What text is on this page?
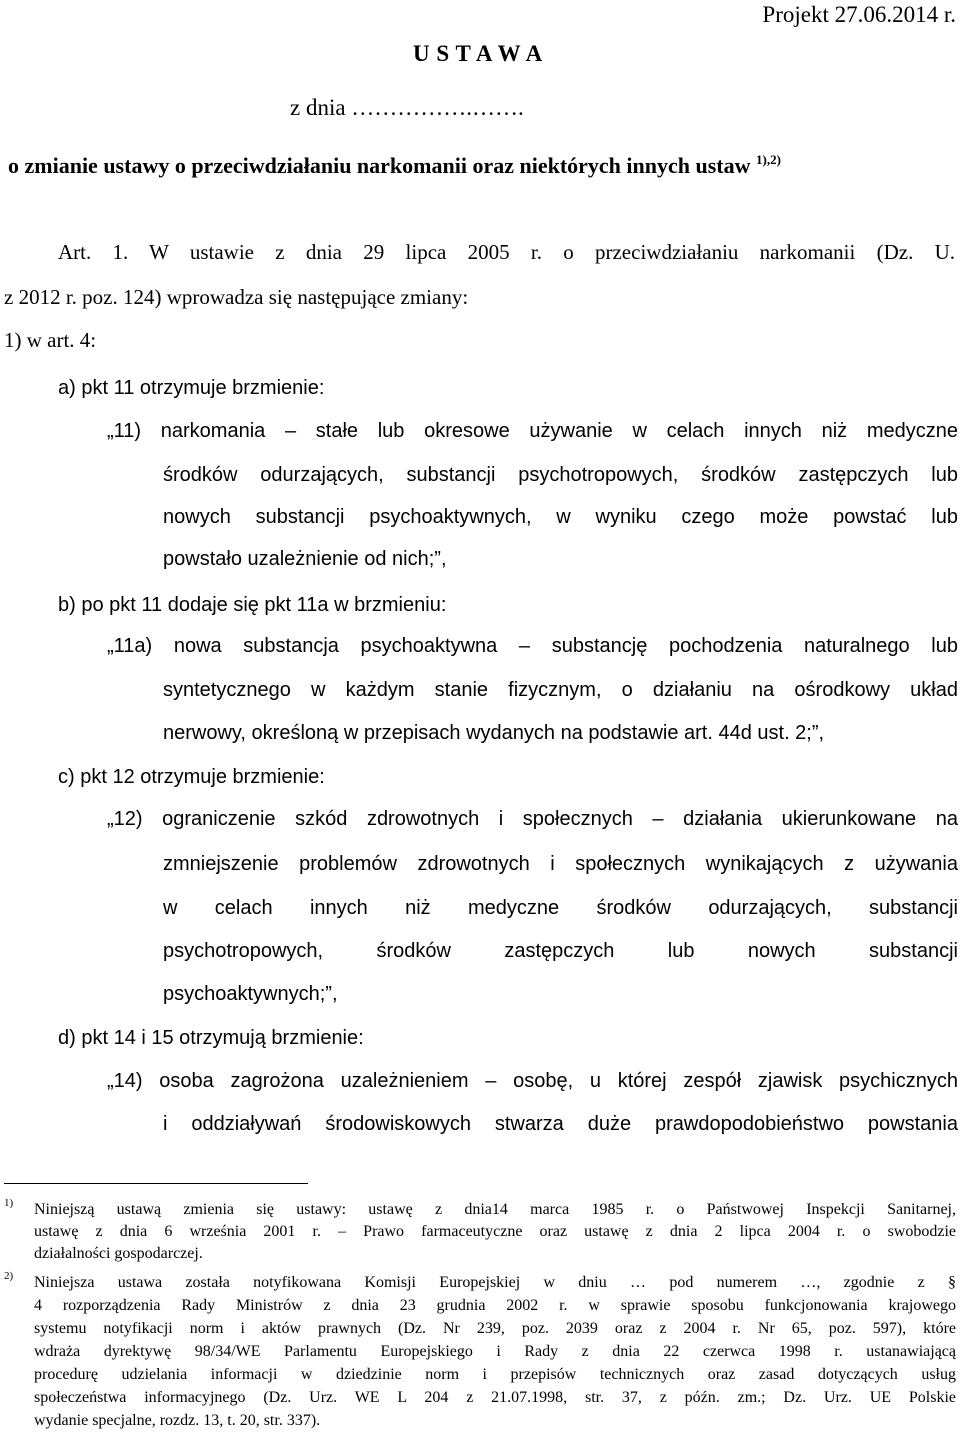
Projekt 27.06.2014 r.
U S T A W A
z dnia …………….…….
o zmianie ustawy o przeciwdziałaniu narkomanii oraz niektórych innych ustaw $^{1),2)}$
Art. 1. W ustawie z dnia 29 lipca 2005 r. o przeciwdziałaniu narkomanii (Dz. U.
z 2012 r. poz. 124) wprowadza się następujące zmiany:
1) w art. 4:
a) pkt 11 otrzymuje brzmienie:
„11) narkomania – stałe lub okresowe używanie w celach innych niż medyczne
środków odurzających, substancji psychotropowych, środków zastępczych lub
nowych substancji psychoaktywnych, w wyniku czego może powstać lub
powstało uzależnienie od nich;”,
b) po pkt 11 dodaje się pkt 11a w brzmieniu:
„11a) nowa substancja psychoaktywna – substancję pochodzenia naturalnego lub
syntetycznego w każdym stanie fizycznym, o działaniu na ośrodkowy układ
nerwowy, określoną w przepisach wydanych na podstawie art. 44d ust. 2;”,
c) pkt 12 otrzymuje brzmienie:
„12) ograniczenie szkód zdrowotnych i społecznych – działania ukierunkowane na
zmniejszenie problemów zdrowotnych i społecznych wynikających z używania
w celach innych niż medyczne środków odurzających, substancji
psychotropowych, środków zastępczych lub nowych substancji
psychoaktywnych;”,
d) pkt 14 i 15 otrzymują brzmienie:
„14) osoba zagrożona uzależnieniem – osobę, u której zespół zjawisk psychicznych
i oddziaływań środowiskowych stwarza duże prawdopodobieństwo powstania
1) Niniejszą ustawą zmienia się ustawy: ustawę z dnia14 marca 1985 r. o Państwowej Inspekcji Sanitarnej,
ustawę z dnia 6 września 2001 r. – Prawo farmaceutyczne oraz ustawę z dnia 2 lipca 2004 r. o swobodzie
działalności gospodarczej.
2) Niniejsza ustawa została notyfikowana Komisji Europejskiej w dniu … pod numerem …, zgodnie z §
4 rozporządzenia Rady Ministrów z dnia 23 grudnia 2002 r. w sprawie sposobu funkcjonowania krajowego
systemu notyfikacji norm i aktów prawnych (Dz. Nr 239, poz. 2039 oraz z 2004 r. Nr 65, poz. 597), które
wdraża dyrektywę 98/34/WE Parlamentu Europejskiego i Rady z dnia 22 czerwca 1998 r. ustanawiającą
procedurę udzielania informacji w dziedzinie norm i przepisów technicznych oraz zasad dotyczących usług
społeczeństwa informacyjnego (Dz. Urz. WE L 204 z 21.07.1998, str. 37, z późn. zm.; Dz. Urz. UE Polskie
wydanie specjalne, rozdz. 13, t. 20, str. 337).
